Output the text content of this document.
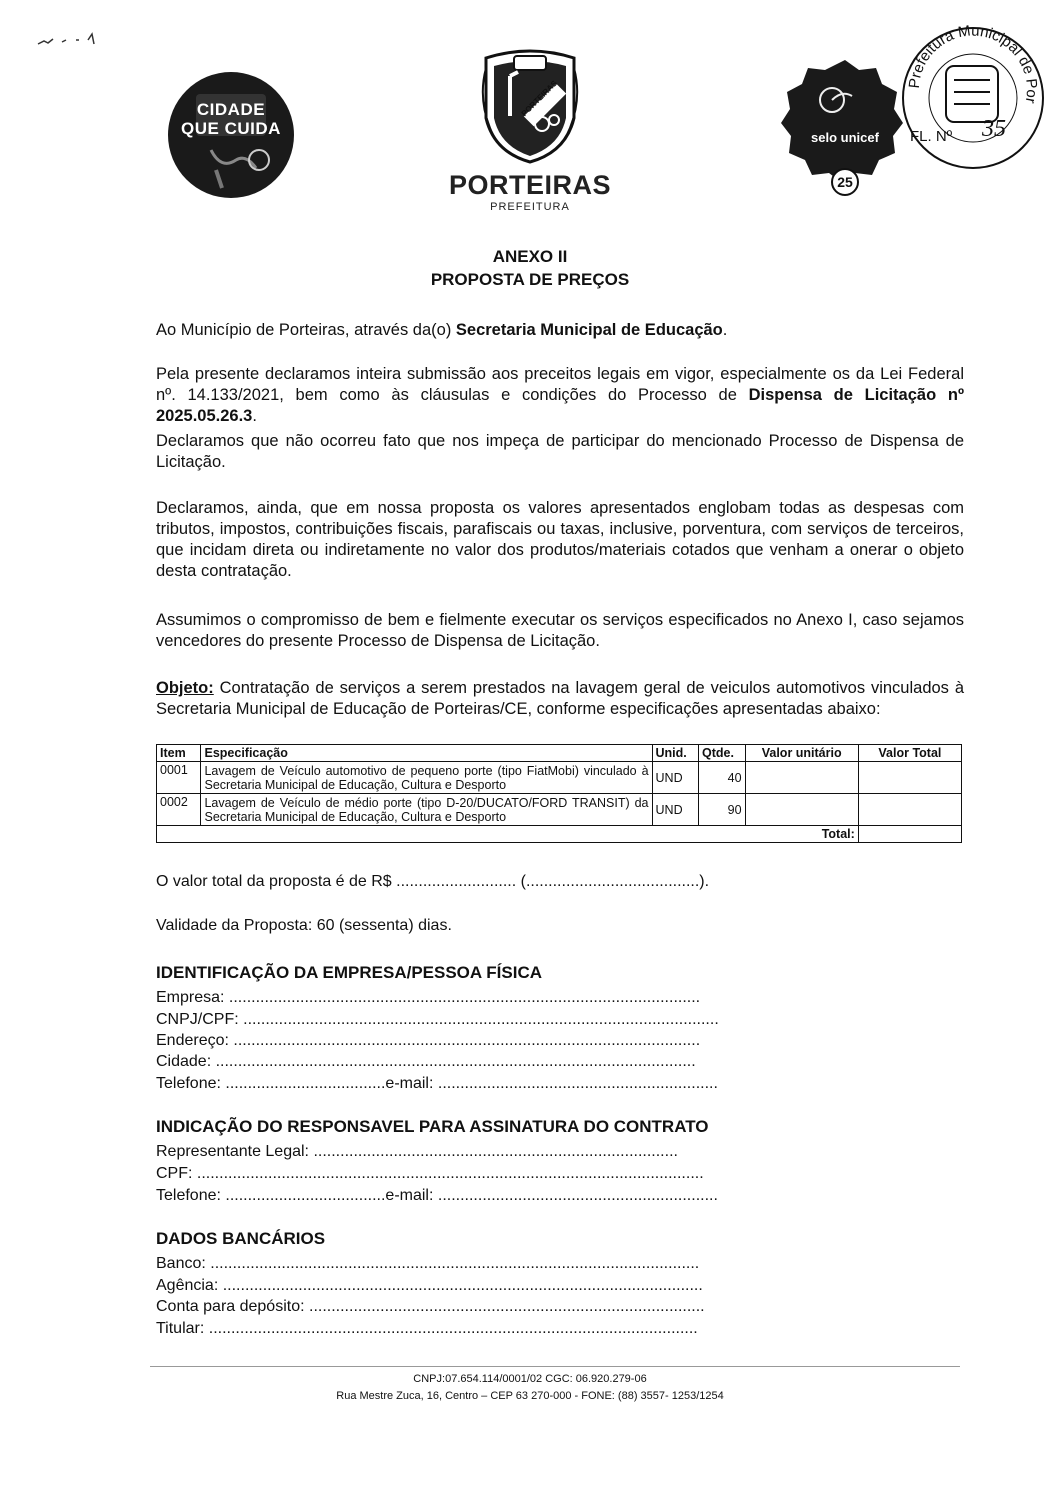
CIDADE
QUE CUIDA
PORTEIRAS
PORTEIRAS
PREFEITURA
selo unicef
25
Prefeitura Municipal de Por
FL. Nº 35
ANEXO II
PROPOSTA DE PREÇOS
Ao Município de Porteiras, através da(o) Secretaria Municipal de Educação.
Pela presente declaramos inteira submissão aos preceitos legais em vigor, especialmente os da Lei Federal nº. 14.133/2021, bem como às cláusulas e condições do Processo de Dispensa de Licitação nº 2025.05.26.3.
Declaramos que não ocorreu fato que nos impeça de participar do mencionado Processo de Dispensa de Licitação.
Declaramos, ainda, que em nossa proposta os valores apresentados englobam todas as despesas com tributos, impostos, contribuições fiscais, parafiscais ou taxas, inclusive, porventura, com serviços de terceiros, que incidam direta ou indiretamente no valor dos produtos/materiais cotados que venham a onerar o objeto desta contratação.
Assumimos o compromisso de bem e fielmente executar os serviços especificados no Anexo I, caso sejamos vencedores do presente Processo de Dispensa de Licitação.
Objeto: Contratação de serviços a serem prestados na lavagem geral de veiculos automotivos vinculados à Secretaria Municipal de Educação de Porteiras/CE, conforme especificações apresentadas abaixo:
Item	Especificação	Unid.	Qtde.	Valor unitário	Valor Total
0001	Lavagem de Veículo automotivo de pequeno porte (tipo FiatMobi) vinculado à Secretaria Municipal de Educação, Cultura e Desporto	UND	40		
0002	Lavagem de Veículo de médio porte (tipo D-20/DUCATO/FORD TRANSIT) da Secretaria Municipal de Educação, Cultura e Desporto	UND	90		
Total:					
O valor total da proposta é de R$ ........................... (.......................................).
Validade da Proposta: 60 (sessenta) dias.
IDENTIFICAÇÃO DA EMPRESA/PESSOA FÍSICA
Empresa: ..........................................................................................................
CNPJ/CPF: ...........................................................................................................
Endereço: .........................................................................................................
Cidade: ............................................................................................................
Telefone: ....................................e-mail: ...............................................................
INDICAÇÃO DO RESPONSAVEL PARA ASSINATURA DO CONTRATO
Representante Legal: ..................................................................................
CPF: ..................................................................................................................
Telefone: ....................................e-mail: ...............................................................
DADOS BANCÁRIOS
Banco: ..............................................................................................................
Agência: ............................................................................................................
Conta para depósito: .........................................................................................
Titular: ..............................................................................................................
CNPJ:07.654.114/0001/02 CGC: 06.920.279-06
Rua Mestre Zuca, 16, Centro – CEP 63 270-000 - FONE: (88) 3557- 1253/1254
